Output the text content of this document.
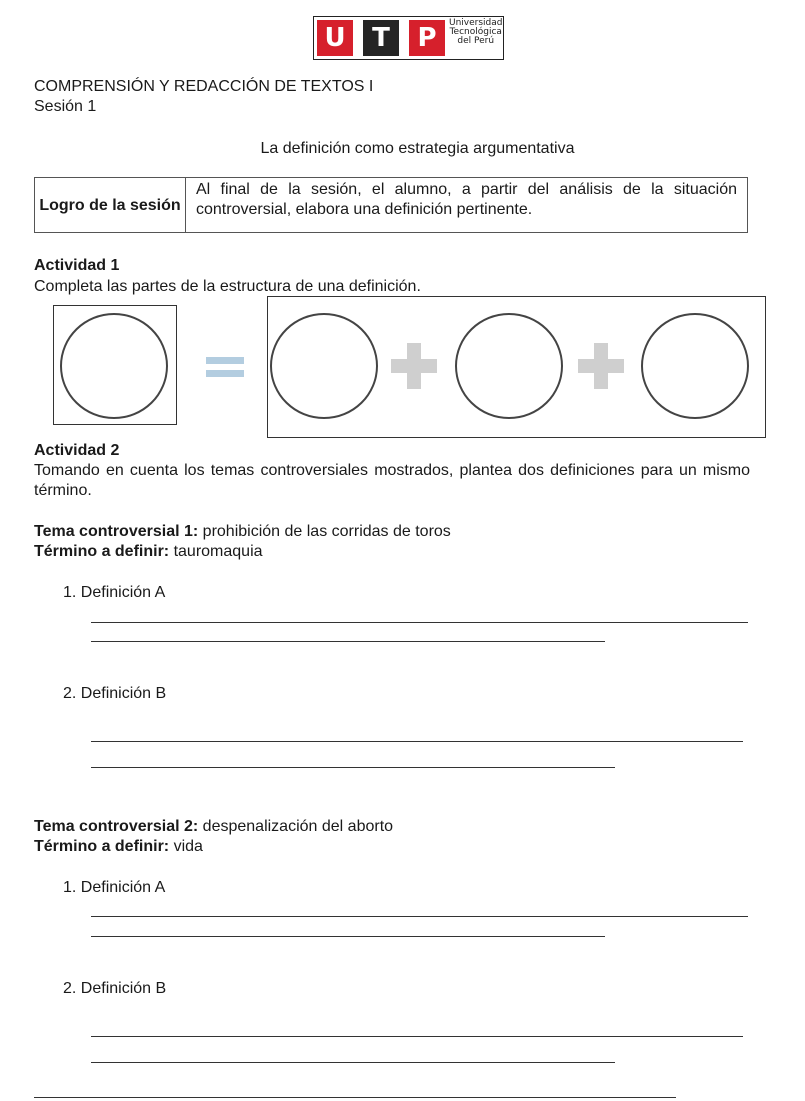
U	T	P	Universidad
Tecnológica
del Perú
COMPRENSIÓN Y REDACCIÓN DE TEXTOS I
Sesión 1
La definición como estrategia argumentativa
Logro de la sesión
Al final de la sesión, el alumno, a partir del análisis de la situación controversial, elabora una definición pertinente.
Actividad 1
Completa las partes de la estructura de una definición.
Actividad 2
Tomando en cuenta los temas controversiales mostrados, plantea dos definiciones para un mismo término.
Tema controversial 1: prohibición de las corridas de toros
Término a definir: tauromaquia
1. Definición A
2. Definición B
Tema controversial 2: despenalización del aborto
Término a definir: vida
1. Definición A
2. Definición B
